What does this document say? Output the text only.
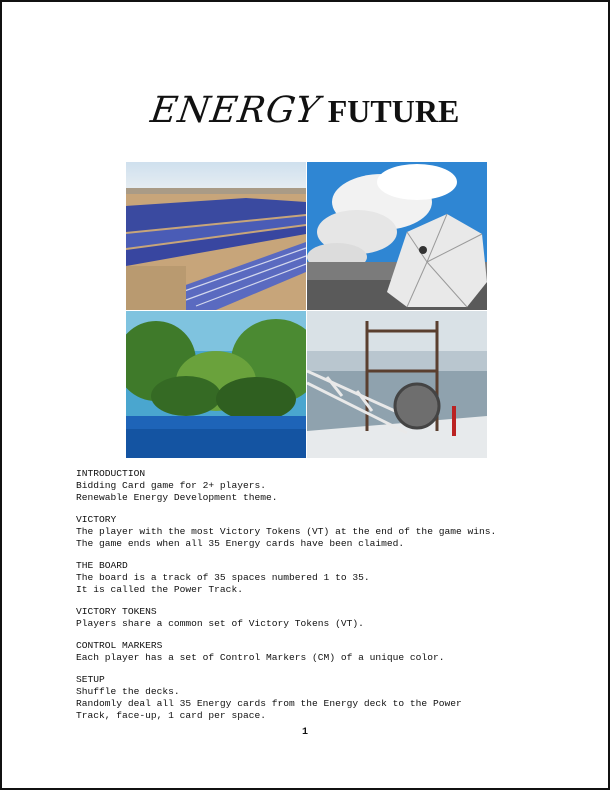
ENERGY FUTURE
INTRODUCTION
Bidding Card game for 2+ players.
Renewable Energy Development theme.
VICTORY
The player with the most Victory Tokens (VT) at the end of the game wins.
The game ends when all 35 Energy cards have been claimed.
THE BOARD
The board is a track of 35 spaces numbered 1 to 35.
It is called the Power Track.
VICTORY TOKENS
Players share a common set of Victory Tokens (VT).
CONTROL MARKERS
Each player has a set of Control Markers (CM) of a unique color.
SETUP
Shuffle the decks.
Randomly deal all 35 Energy cards from the Energy deck to the Power
Track, face-up, 1 card per space.
1
